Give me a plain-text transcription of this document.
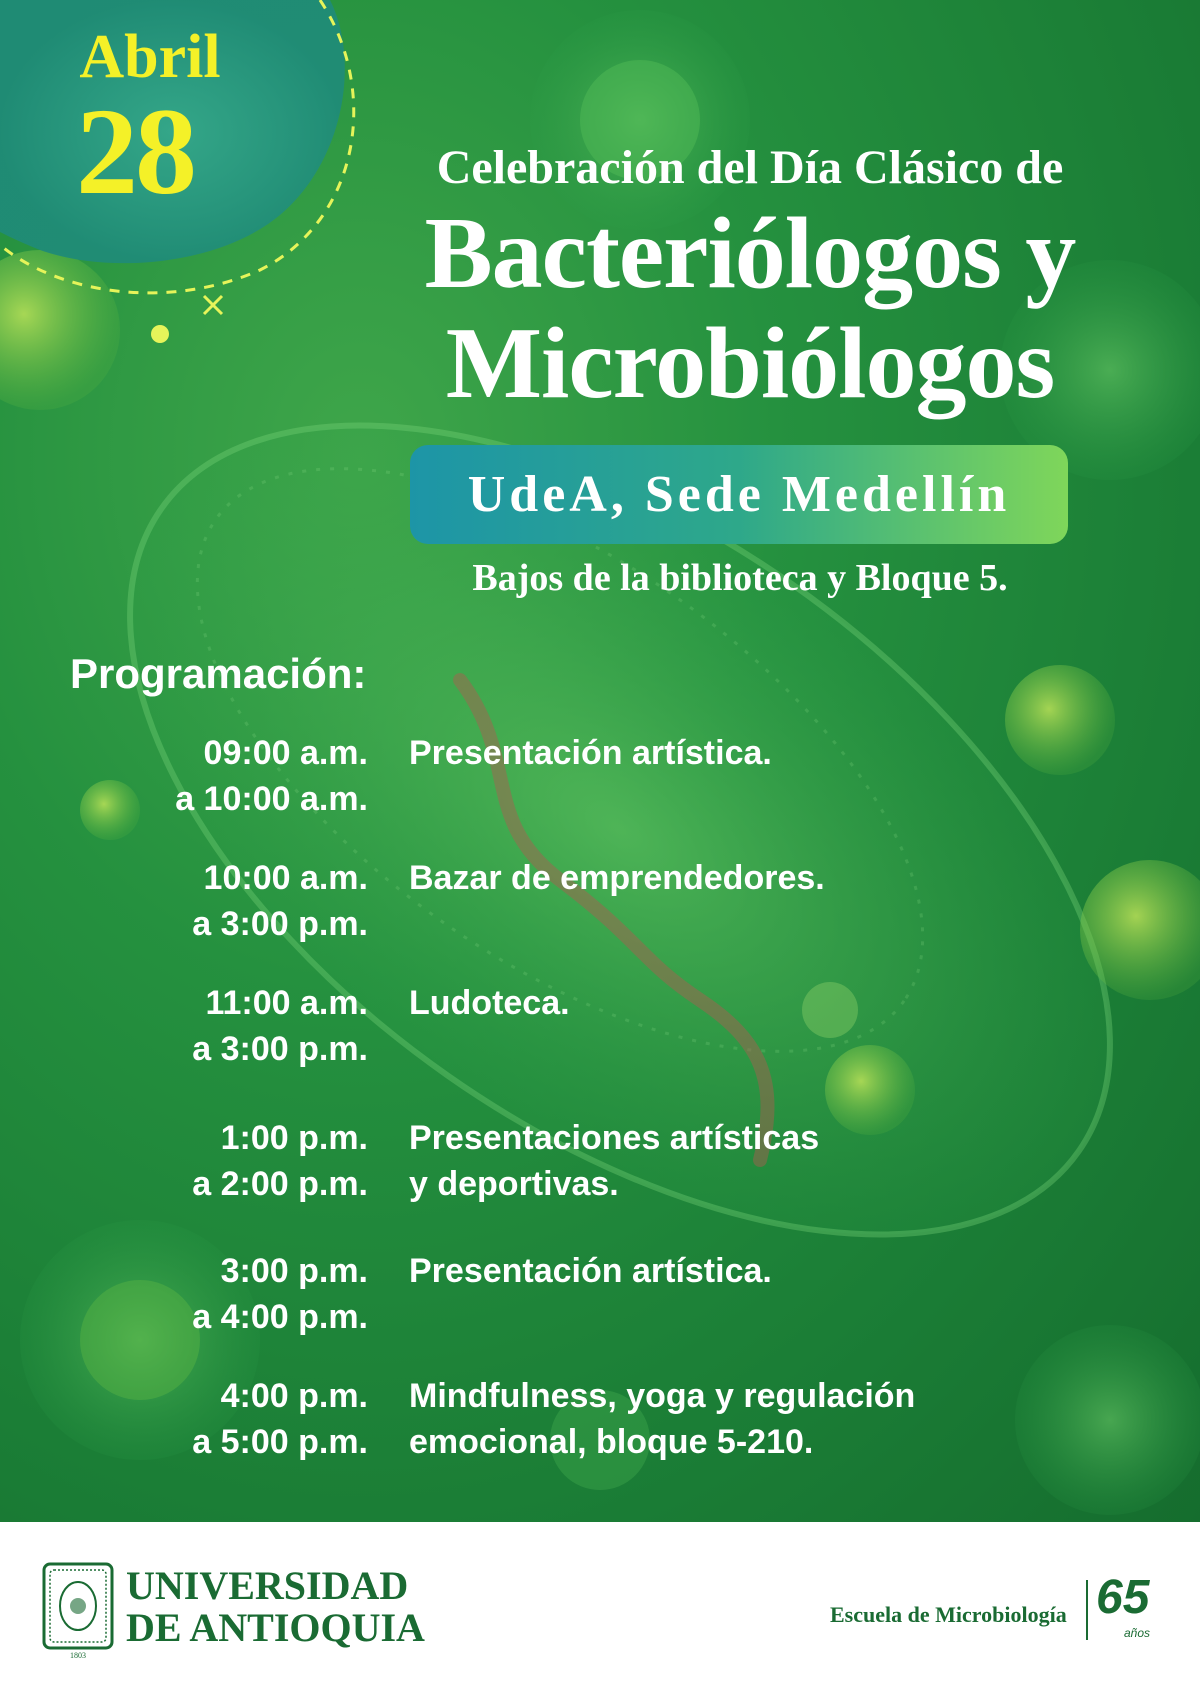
Abril
28	Celebración del Día Clásico de
Bacteriólogos y
Microbiólogos
UdeA, Sede Medellín
Bajos de la biblioteca y Bloque 5.
Programación:
09:00 a.m.
a 10:00 a.m.
Presentación artística.
10:00 a.m.
a 3:00 p.m.
Bazar de emprendedores.
11:00 a.m.
a 3:00 p.m.
Ludoteca.
1:00 p.m.
a 2:00 p.m.
Presentaciones artísticas
y deportivas.
3:00 p.m.
a 4:00 p.m.
Presentación artística.
4:00 p.m.
a 5:00 p.m.
Mindfulness, yoga y regulación
emocional, bloque 5-210.
1803
UNIVERSIDAD
DE ANTIOQUIA	Escuela de Microbiología 65
años
